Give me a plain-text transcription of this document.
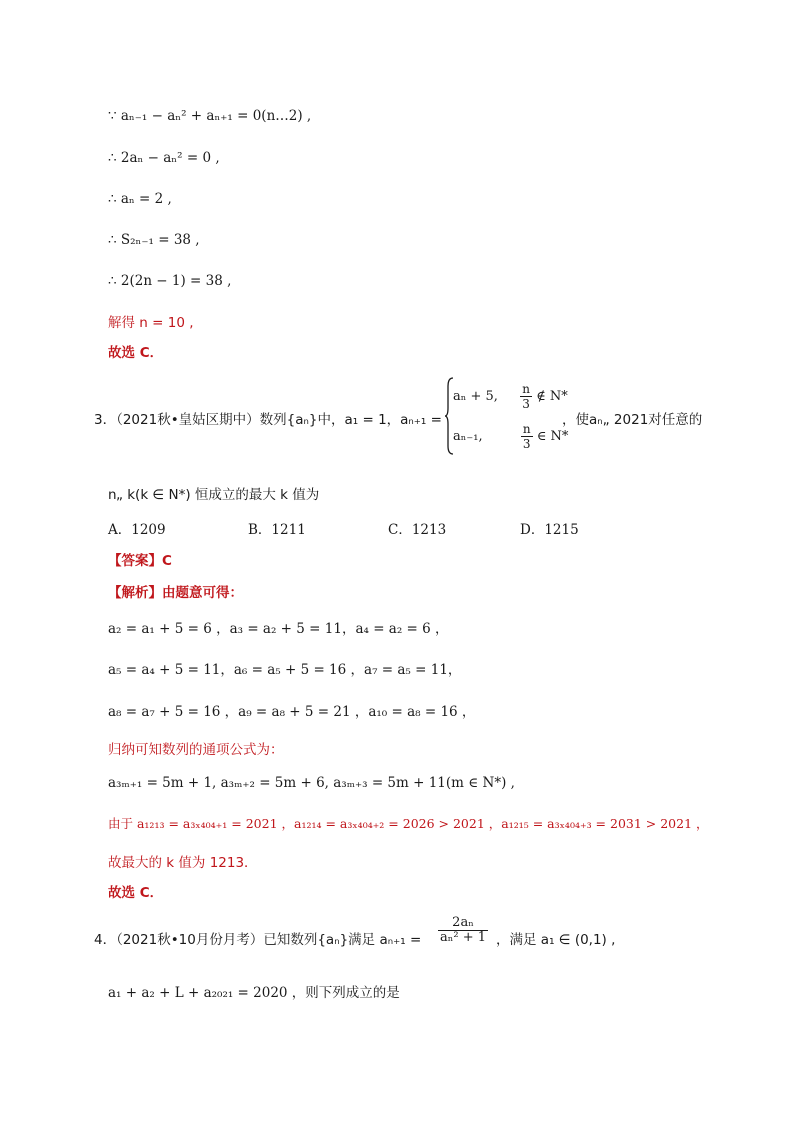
∵ aₙ₋₁ − aₙ² + aₙ₊₁ = 0(n…2) ,
∴ 2aₙ − aₙ² = 0 ,
∴ aₙ = 2 ,
∴ S₂ₙ₋₁ = 38 ,
∴ 2(2n − 1) = 38 ,
解得 n = 10 ,
故选 C．
3．（2021秋•皇姑区期中）数列{aₙ}中，a₁ = 1，aₙ₊₁ =
aₙ + 5, $\frac{n}{3}$ ∉ N*
aₙ₋₁,	$\frac{n}{3}$ ∈ N*
，使aₙ„ 2021对任意的
n„ k(k ∈ N*) 恒成立的最大 k 值为
A．1209	B．1211	C．1213	D．1215
【答案】C
【解析】由题意可得：
a₂ = a₁ + 5 = 6 ，a₃ = a₂ + 5 = 11，a₄ = a₂ = 6 ，
a₅ = a₄ + 5 = 11，a₆ = a₅ + 5 = 16 ，a₇ = a₅ = 11，
a₈ = a₇ + 5 = 16 ，a₉ = a₈ + 5 = 21 ，a₁₀ = a₈ = 16 ，
归纳可知数列的通项公式为：
a₃ₘ₊₁ = 5m + 1, a₃ₘ₊₂ = 5m + 6, a₃ₘ₊₃ = 5m + 11(m ∈ N*) ,
由于 a₁₂₁₃ = a₃ₓ₄₀₄₊₁ = 2021 ，a₁₂₁₄ = a₃ₓ₄₀₄₊₂ = 2026 > 2021 ，a₁₂₁₅ = a₃ₓ₄₀₄₊₃ = 2031 > 2021 ，
故最大的 k 值为 1213．
故选 C．
4．（2021秋•10月份月考）已知数列{aₙ}满足 $a_{n+1} = \frac{\text{2aₙ}}{\text{aₙ² + 1}}$ ，满足 a₁ ∈ (0,1) ,
a₁ + a₂ + L + a₂₀₂₁ = 2020 ，则下列成立的是
